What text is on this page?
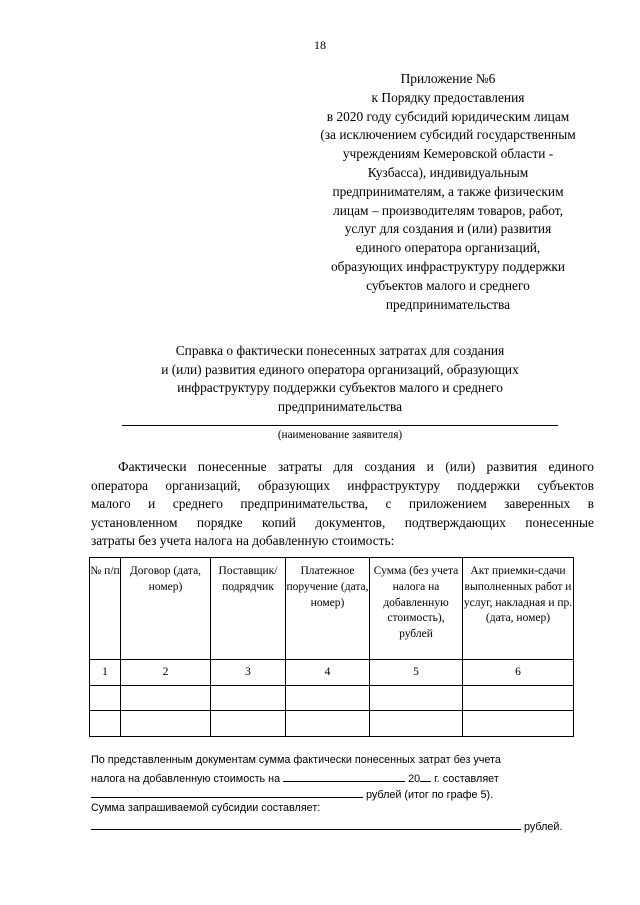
18
Приложение №6
к Порядку предоставления
в 2020 году субсидий юридическим лицам
(за исключением субсидий государственным
учреждениям Кемеровской области -
Кузбасса), индивидуальным
предпринимателям, а также физическим
лицам – производителям товаров, работ,
услуг для создания и (или) развития
единого оператора организаций,
образующих инфраструктуру поддержки
субъектов малого и среднего
предпринимательства
Справка о фактически понесенных затратах для создания
и (или) развития единого оператора организаций, образующих
инфраструктуру поддержки субъектов малого и среднего
предпринимательства
(наименование заявителя)
Фактически понесенные затраты для создания и (или) развития единого
оператора организаций, образующих инфраструктуру поддержки субъектов
малого и среднего предпринимательства, с приложением заверенных в
установленном порядке копий документов, подтверждающих понесенные
затраты без учета налога на добавленную стоимость:
№ п/п	Договор (дата, номер)	Поставщик/ подрядчик	Платежное поручение (дата, номер)	Сумма (без учета налога на добавленную стоимость), рублей	Акт приемки-сдачи выполненных работ и услуг, накладная и пр. (дата, номер)
1	2	3	4	5	6

По представленным документам сумма фактически понесенных затрат без учета
налога на добавленную стоимость на	20 г. составляет
рублей (итог по графе 5).
Сумма запрашиваемой субсидии составляет:
рублей.
